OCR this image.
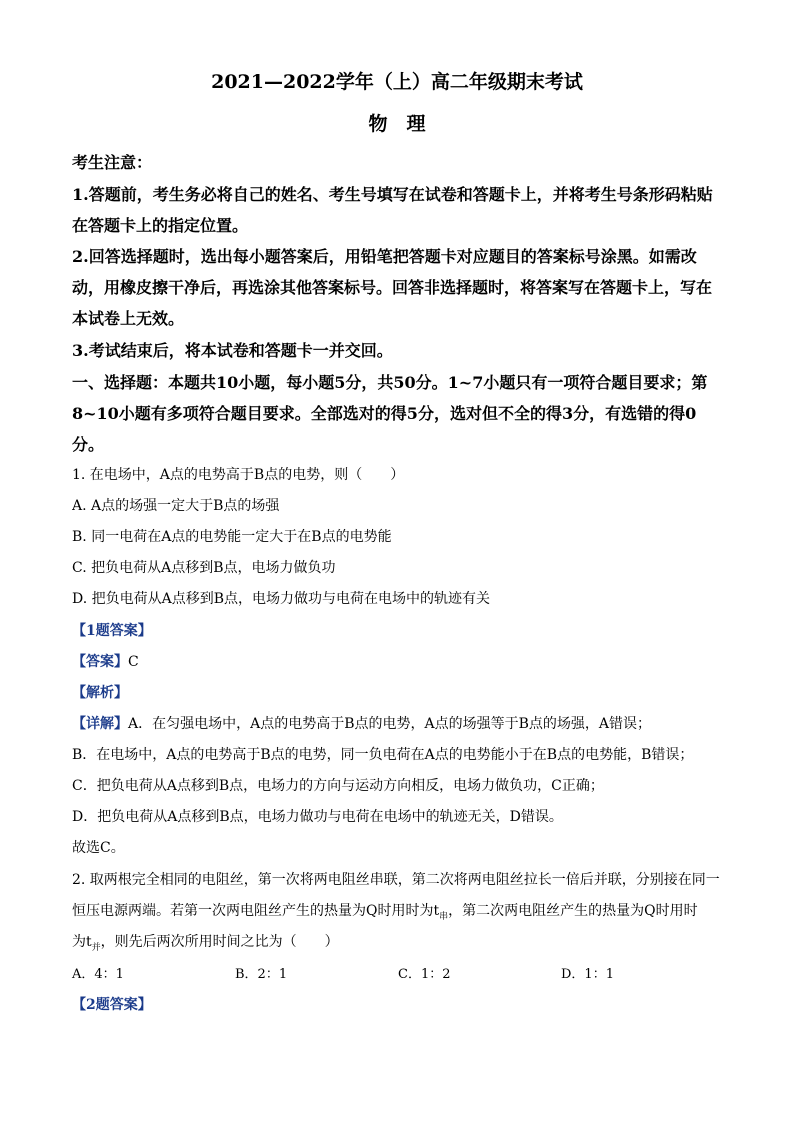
2021—2022学年（上）高二年级期末考试
物　理
考生注意：
1.答题前，考生务必将自己的姓名、考生号填写在试卷和答题卡上，并将考生号条形码粘贴
在答题卡上的指定位置。
2.回答选择题时，选出每小题答案后，用铅笔把答题卡对应题目的答案标号涂黑。如需改
动，用橡皮擦干净后，再选涂其他答案标号。回答非选择题时，将答案写在答题卡上，写在
本试卷上无效。
3.考试结束后，将本试卷和答题卡一并交回。
一、选择题：本题共10小题，每小题5分，共50分。1~7小题只有一项符合题目要求；第
8~10小题有多项符合题目要求。全部选对的得5分，选对但不全的得3分，有选错的得0
分。
1. 在电场中，A点的电势高于B点的电势，则（　　）
A. A点的场强一定大于B点的场强
B. 同一电荷在A点的电势能一定大于在B点的电势能
C. 把负电荷从A点移到B点，电场力做负功
D. 把负电荷从A点移到B点，电场力做功与电荷在电场中的轨迹有关
【1题答案】
【答案】C
【解析】
【详解】A．在匀强电场中，A点的电势高于B点的电势，A点的场强等于B点的场强，A错误；
B．在电场中，A点的电势高于B点的电势，同一负电荷在A点的电势能小于在B点的电势能，B错误；
C．把负电荷从A点移到B点，电场力的方向与运动方向相反，电场力做负功，C正确；
D．把负电荷从A点移到B点，电场力做功与电荷在电场中的轨迹无关，D错误。
故选C。
2. 取两根完全相同的电阻丝，第一次将两电阻丝串联，第二次将两电阻丝拉长一倍后并联，分别接在同一
恒压电源两端。若第一次两电阻丝产生的热量为Q时用时为$t_串$，第二次两电阻丝产生的热量为Q时用时
为$t_并$，则先后两次所用时间之比为（　　）
A．4：1	B．2：1	C．1：2	D．1：1
【2题答案】
